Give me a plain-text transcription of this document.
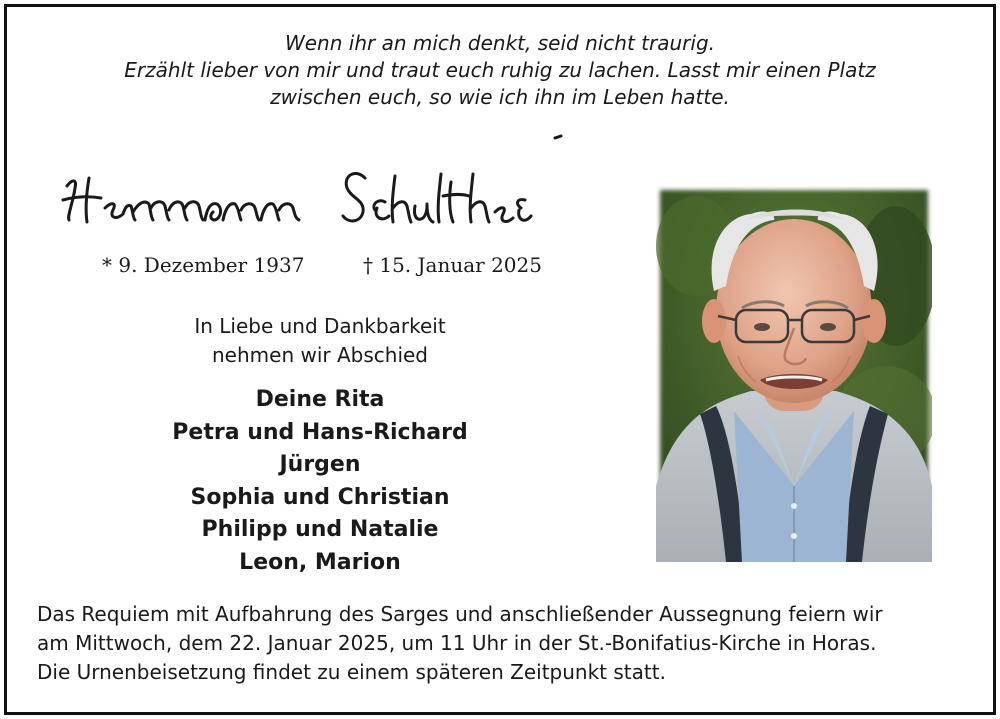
Wenn ihr an mich denkt, seid nicht traurig.
Erzählt lieber von mir und traut euch ruhig zu lachen. Lasst mir einen Platz
zwischen euch, so wie ich ihn im Leben hatte.
* 9. Dezember 1937	† 15. Januar 2025
In Liebe und Dankbarkeit
nehmen wir Abschied
Deine Rita
Petra und Hans-Richard
Jürgen
Sophia und Christian
Philipp und Natalie
Leon, Marion
Das Requiem mit Aufbahrung des Sarges und anschließender Aussegnung feiern wir
am Mittwoch, dem 22. Januar 2025, um 11 Uhr in der St.-Bonifatius-Kirche in Horas.
Die Urnenbeisetzung findet zu einem späteren Zeitpunkt statt.
